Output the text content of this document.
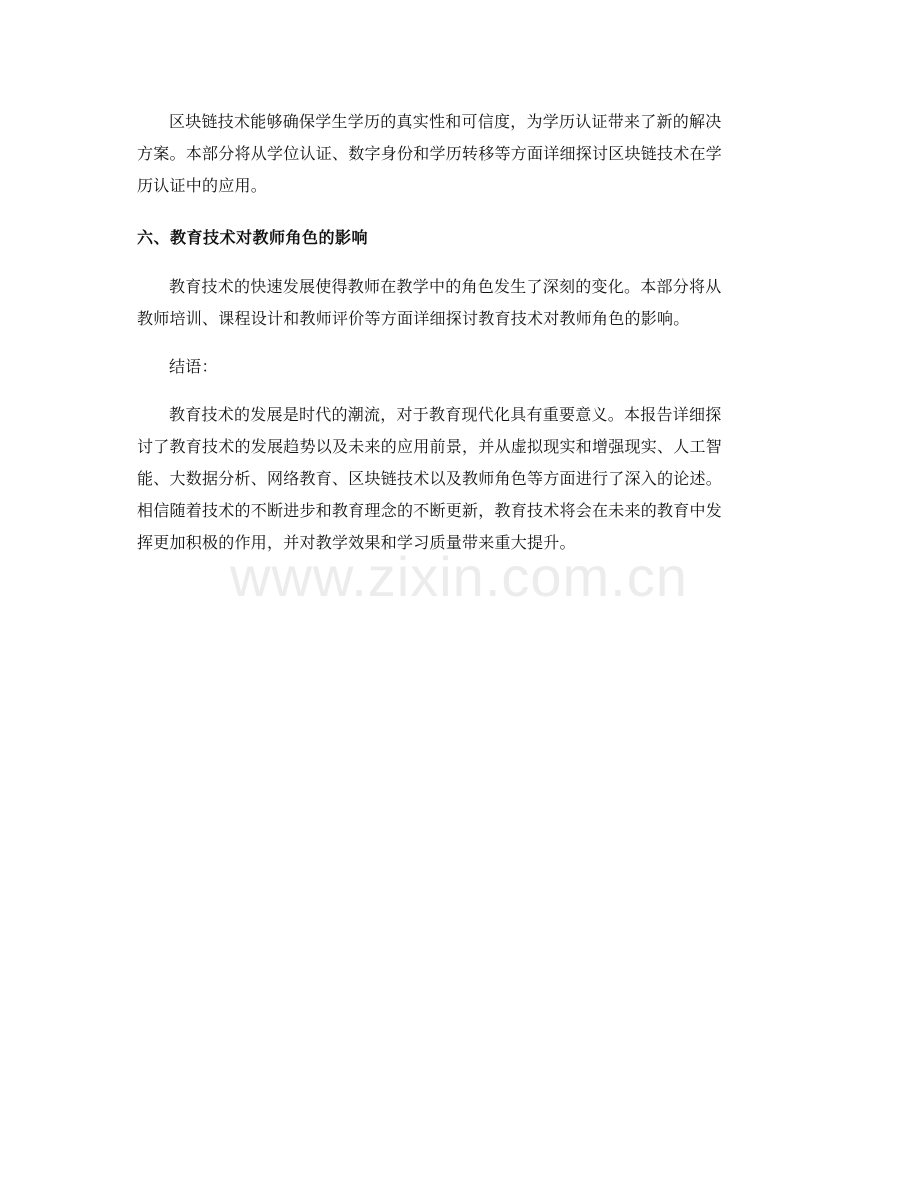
区块链技术能够确保学生学历的真实性和可信度，为学历认证带来了新的解决
方案。本部分将从学位认证、数字身份和学历转移等方面详细探讨区块链技术在学
历认证中的应用。

六、教育技术对教师角色的影响

教育技术的快速发展使得教师在教学中的角色发生了深刻的变化。本部分将从
教师培训、课程设计和教师评价等方面详细探讨教育技术对教师角色的影响。

结语：

教育技术的发展是时代的潮流，对于教育现代化具有重要意义。本报告详细探
讨了教育技术的发展趋势以及未来的应用前景，并从虚拟现实和增强现实、人工智
能、大数据分析、网络教育、区块链技术以及教师角色等方面进行了深入的论述。
相信随着技术的不断进步和教育理念的不断更新，教育技术将会在未来的教育中发
挥更加积极的作用，并对教学效果和学习质量带来重大提升。

www.zixin.com.cn
